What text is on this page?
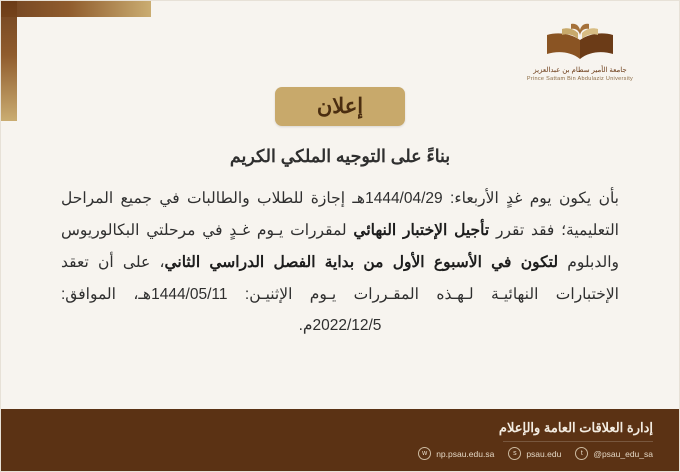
جامعة الأمير سطام بن عبدالعزيز
Prince Sattam Bin Abdulaziz University
إعلان

بناءً على التوجيه الملكي الكريم

بأن يكون يوم غدٍ الأربعاء: 1444/04/29هـ إجازة للطلاب والطالبات في جميع المراحل التعليمية؛ فقد تقرر تأجيل الإختبار النهائي لمقررات يـوم غـدٍ في مرحلتي البكالوريوس والدبلوم لتكون في الأسبوع الأول من بداية الفصل الدراسي الثاني، على أن تعقد الإختبارات النهائيـة لـهـذه المقـررات يـوم الإثنيـن: 1444/05/11هـ، الموافق: 2022/12/5م.

إدارة العلاقات العامة والإعلام
t	@psau_edu_sa
s	psau.edu
w	np.psau.edu.sa
